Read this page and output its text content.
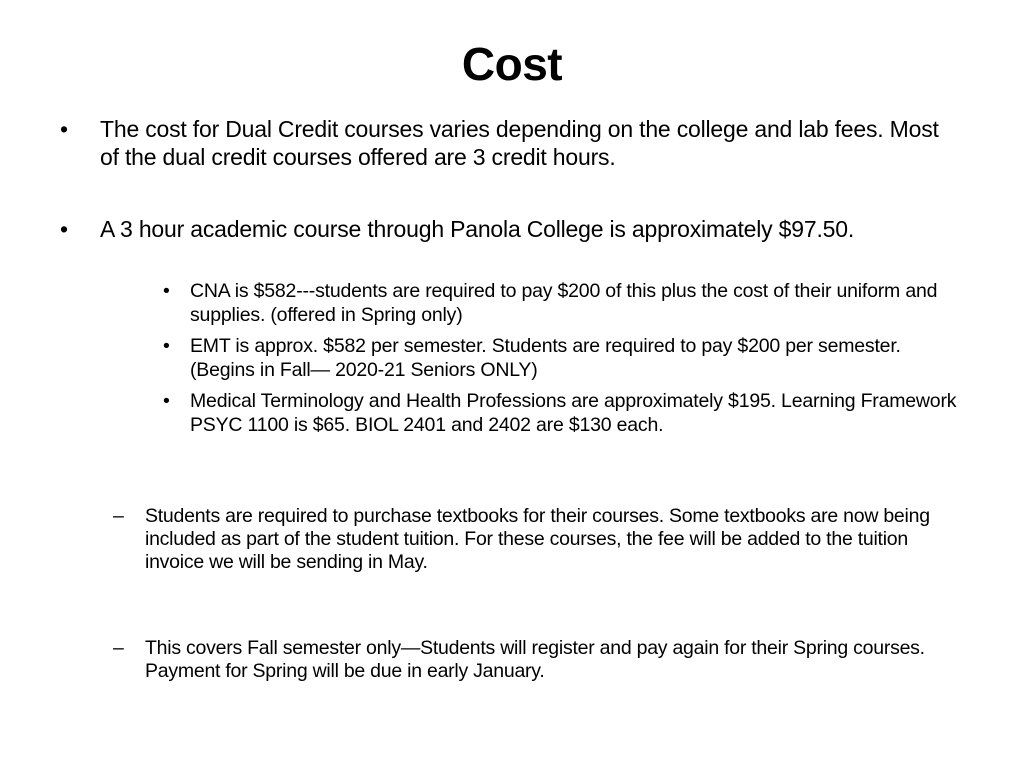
Cost
•	The cost for Dual Credit courses varies depending on the college and lab fees. Most of the dual credit courses offered are 3 credit hours.
•	A 3 hour academic course through Panola College is approximately $97.50.
•	CNA is $582---students are required to pay $200 of this plus the cost of their uniform and supplies. (offered in Spring only)
•	EMT is approx. $582 per semester. Students are required to pay $200 per semester. (Begins in Fall— 2020-21 Seniors ONLY)
•	Medical Terminology and Health Professions are approximately $195. Learning Framework PSYC 1100 is $65. BIOL 2401 and 2402 are $130 each.
–	Students are required to purchase textbooks for their courses. Some textbooks are now being included as part of the student tuition. For these courses, the fee will be added to the tuition invoice we will be sending in May.
–	This covers Fall semester only—Students will register and pay again for their Spring courses. Payment for Spring will be due in early January.
